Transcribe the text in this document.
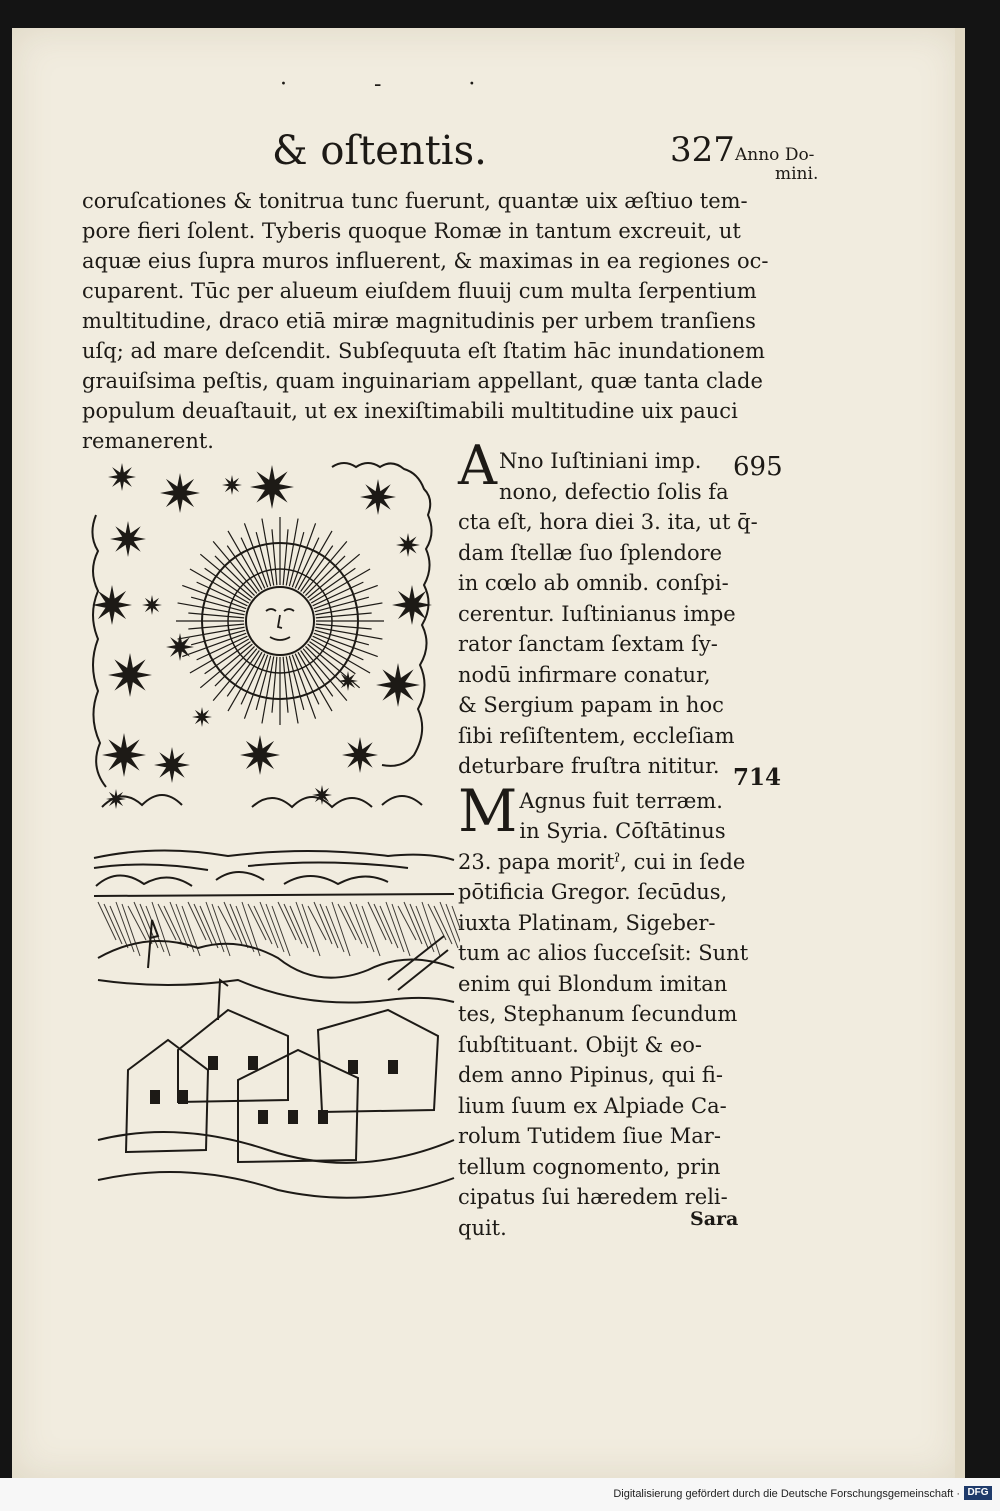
· - ·
& oſtentis.	327 Anno Do-
mini.
coruſcationes & tonitrua tunc fuerunt, quantæ uix æſtiuo tem-
pore fieri ſolent. Tyberis quoque Romæ in tantum excreuit, ut
aquæ eius ſupra muros influerent, & maximas in ea regiones oc-
cuparent. Tūc per alueum eiuſdem fluuij cum multa ſerpentium
multitudine, draco etiā miræ magnitudinis per urbem tranſiens
uſq; ad mare deſcendit. Subſequuta eſt ſtatim hāc inundationem
grauiſsima peſtis, quam inguinariam appellant, quæ tanta clade
populum deuaſtauit, ut ex inexiſtimabili multitudine uix pauci
remanerent.
695
714
A Nno Iuſtiniani imp.
nono, defectio ſolis fa
cta eſt, hora diei 3. ita, ut q̄-
dam ſtellæ ſuo ſplendore
in cœlo ab omnib. conſpi-
cerentur. Iuſtinianus impe
rator ſanctam ſextam ſy-
nodū infirmare conatur,
& Sergium papam in hoc
ſibi reſiſtentem, eccleſiam
deturbare fruſtra nititur.
M Agnus fuit terræm.
in Syria. Cōſtātinus
23. papa moritˀ, cui in ſede
pōtificia Gregor. ſecūdus,
iuxta Platinam, Sigeber-
tum ac alios ſucceſsit: Sunt
enim qui Blondum imitan
tes, Stephanum ſecundum
ſubſtituant. Obijt & eo-
dem anno Pipinus, qui fi-
lium ſuum ex Alpiade Ca-
rolum Tutidem ſiue Mar-
tellum cognomento, prin
cipatus ſui hæredem reli-
quit.	Sara
Digitalisierung gefördert durch die Deutsche Forschungsgemeinschaft · DFG
